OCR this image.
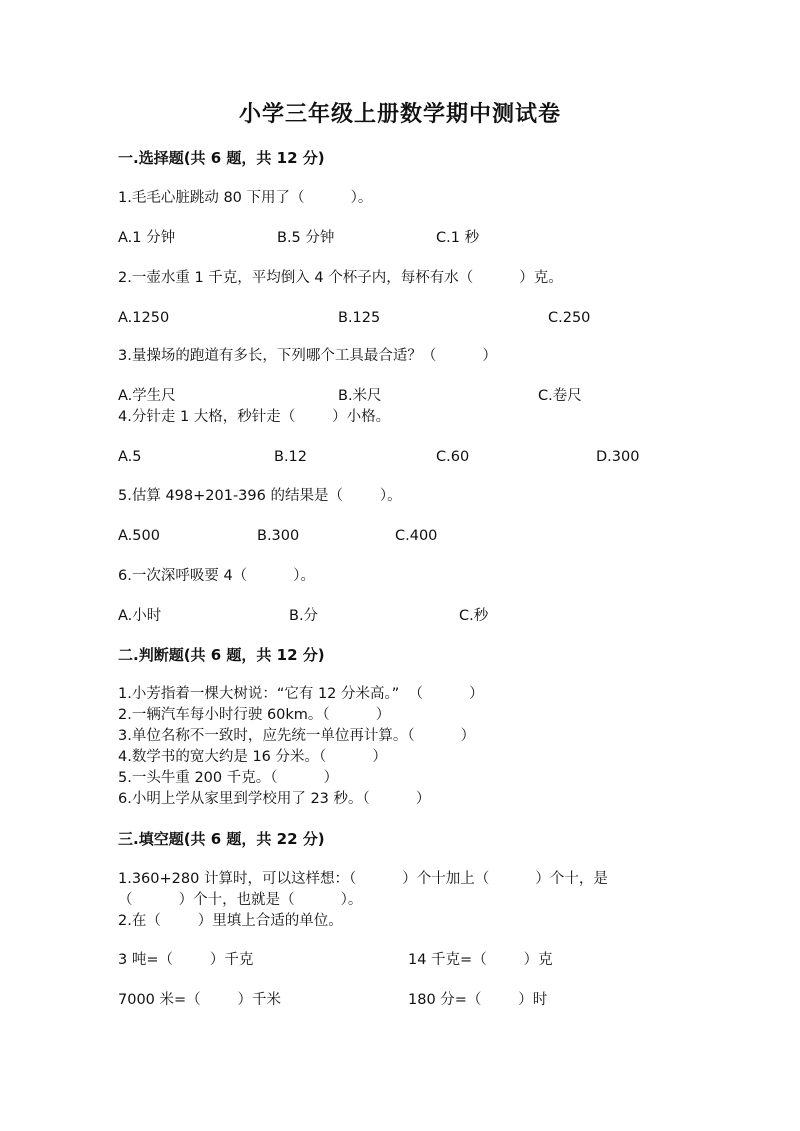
小学三年级上册数学期中测试卷
一.选择题(共 6 题，共 12 分)
1.毛毛心脏跳动 80 下用了（          ）。
A.1 分钟	B.5 分钟	C.1 秒
2.一壶水重 1 千克，平均倒入 4 个杯子内，每杯有水（          ）克。
A.1250	B.125	C.250
3.量操场的跑道有多长，下列哪个工具最合适？（          ）
A.学生尺	B.米尺	C.卷尺
4.分针走 1 大格，秒针走（        ）小格。
A.5	B.12	C.60	D.300
5.估算 498+201-396 的结果是（        ）。
A.500	B.300	C.400
6.一次深呼吸要 4（          ）。
A.小时	B.分	C.秒
二.判断题(共 6 题，共 12 分)
1.小芳指着一棵大树说：“它有 12 分米高。”  （          ）
2.一辆汽车每小时行驶 60km。（          ）
3.单位名称不一致时，应先统一单位再计算。（          ）
4.数学书的宽大约是 16 分米。（          ）
5.一头牛重 200 千克。（          ）
6.小明上学从家里到学校用了 23 秒。（          ）
三.填空题(共 6 题，共 22 分)
1.360+280 计算时，可以这样想：（          ）个十加上（          ）个十，是
（          ）个十，也就是（          ）。
2.在（        ）里填上合适的单位。
3 吨=（        ）千克	14 千克=（        ）克
7000 米=（        ）千米	180 分=（        ）时
